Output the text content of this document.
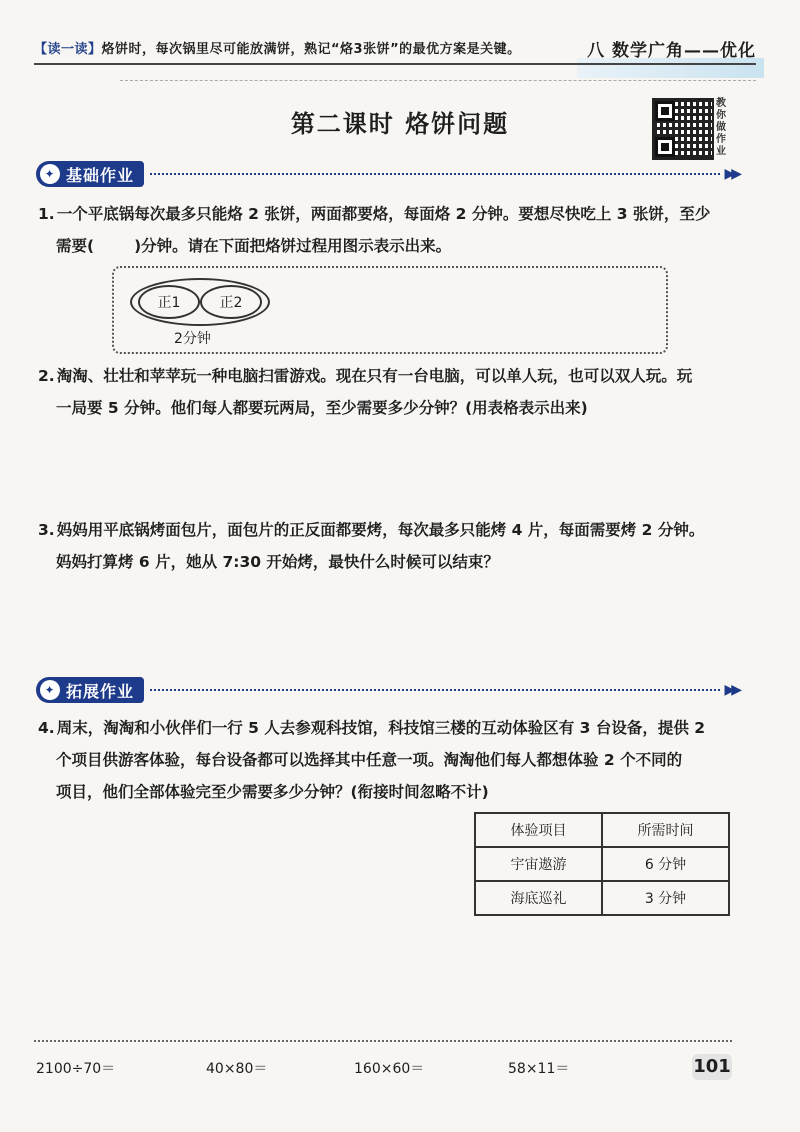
【读一读】烙饼时，每次锅里尽可能放满饼，熟记“烙3张饼”的最优方案是关键。	八 数学广角——优化
第二课时 烙饼问题
教你做作业
✦ 基础作业	▶▶
1. 一个平底锅每次最多只能烙 2 张饼，两面都要烙，每面烙 2 分钟。要想尽快吃上 3 张饼，至少
需要(	)分钟。请在下面把烙饼过程用图示表示出来。
正1	正2
2分钟
2. 淘淘、壮壮和苹苹玩一种电脑扫雷游戏。现在只有一台电脑，可以单人玩，也可以双人玩。玩
一局要 5 分钟。他们每人都要玩两局，至少需要多少分钟？(用表格表示出来)
3. 妈妈用平底锅烤面包片，面包片的正反面都要烤，每次最多只能烤 4 片，每面需要烤 2 分钟。
妈妈打算烤 6 片，她从 7:30 开始烤，最快什么时候可以结束？
✦ 拓展作业	▶▶
4. 周末，淘淘和小伙伴们一行 5 人去参观科技馆，科技馆三楼的互动体验区有 3 台设备，提供 2
个项目供游客体验，每台设备都可以选择其中任意一项。淘淘他们每人都想体验 2 个不同的
项目，他们全部体验完至少需要多少分钟？(衔接时间忽略不计)
体验项目	所需时间
宇宙遨游	6 分钟
海底巡礼	3 分钟
2100÷70＝	40×80＝	160×60＝	58×11＝	101
